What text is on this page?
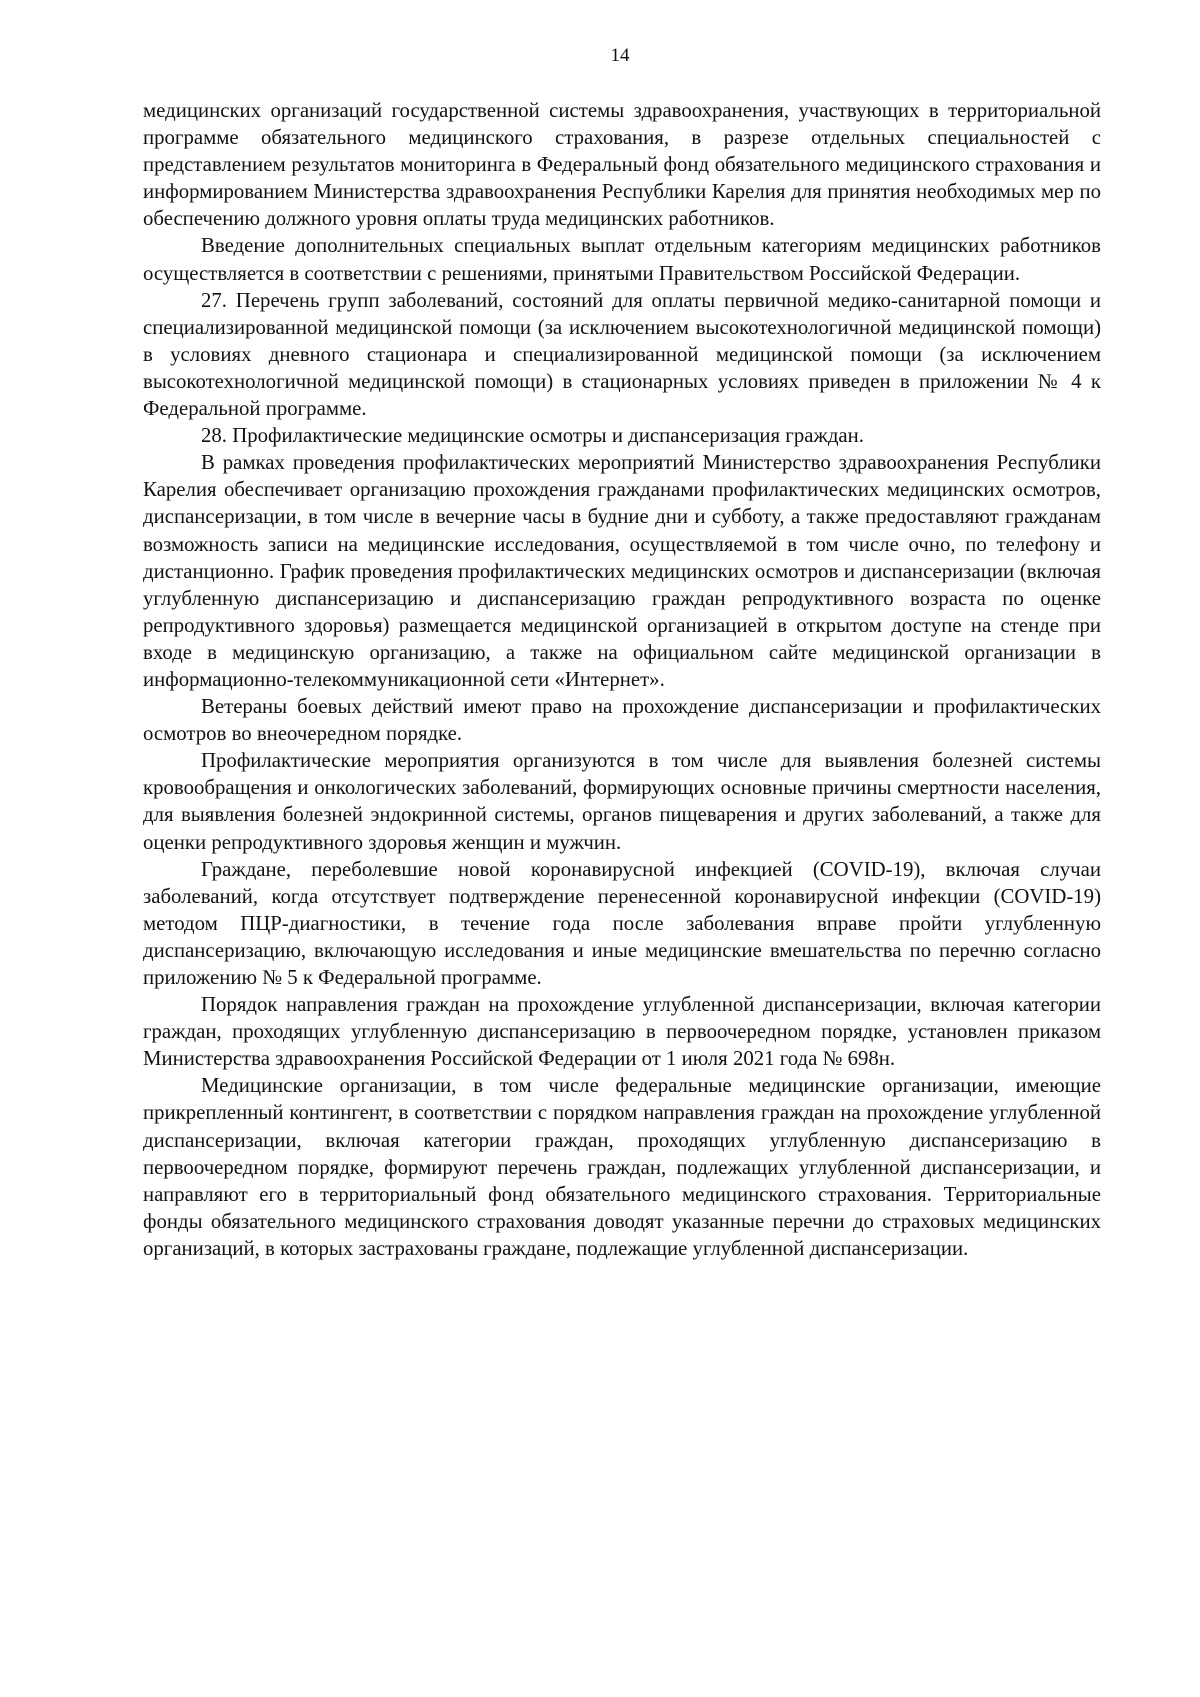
14

медицинских организаций государственной системы здравоохранения, участвующих в территориальной программе обязательного медицинского страхования, в разрезе отдельных специальностей с представлением результатов мониторинга в Федеральный фонд обязательного медицинского страхования и информированием Министерства здравоохранения Республики Карелия для принятия необходимых мер по обеспечению должного уровня оплаты труда медицинских работников.

Введение дополнительных специальных выплат отдельным категориям медицинских работников осуществляется в соответствии с решениями, принятыми Правительством Российской Федерации.

27. Перечень групп заболеваний, состояний для оплаты первичной медико-санитарной помощи и специализированной медицинской помощи (за исключением высокотехнологичной медицинской помощи) в условиях дневного стационара и специализированной медицинской помощи (за исключением высокотехнологичной медицинской помощи) в стационарных условиях приведен в приложении № 4 к Федеральной программе.

28. Профилактические медицинские осмотры и диспансеризация граждан.

В рамках проведения профилактических мероприятий Министерство здравоохранения Республики Карелия обеспечивает организацию прохождения гражданами профилактических медицинских осмотров, диспансеризации, в том числе в вечерние часы в будние дни и субботу, а также предоставляют гражданам возможность записи на медицинские исследования, осуществляемой в том числе очно, по телефону и дистанционно. График проведения профилактических медицинских осмотров и диспансеризации (включая углубленную диспансеризацию и диспансеризацию граждан репродуктивного возраста по оценке репродуктивного здоровья) размещается медицинской организацией в открытом доступе на стенде при входе в медицинскую организацию, а также на официальном сайте медицинской организации в информационно-телекоммуникационной сети «Интернет».

Ветераны боевых действий имеют право на прохождение диспансеризации и профилактических осмотров во внеочередном порядке.

Профилактические мероприятия организуются в том числе для выявления болезней системы кровообращения и онкологических заболеваний, формирующих основные причины смертности населения, для выявления болезней эндокринной системы, органов пищеварения и других заболеваний, а также для оценки репродуктивного здоровья женщин и мужчин.

Граждане, переболевшие новой коронавирусной инфекцией (COVID-19), включая случаи заболеваний, когда отсутствует подтверждение перенесенной коронавирусной инфекции (COVID-19) методом ПЦР-диагностики, в течение года после заболевания вправе пройти углубленную диспансеризацию, включающую исследования и иные медицинские вмешательства по перечню согласно приложению № 5 к Федеральной программе.

Порядок направления граждан на прохождение углубленной диспансеризации, включая категории граждан, проходящих углубленную диспансеризацию в первоочередном порядке, установлен приказом Министерства здравоохранения Российской Федерации от 1 июля 2021 года № 698н.

Медицинские организации, в том числе федеральные медицинские организации, имеющие прикрепленный контингент, в соответствии с порядком направления граждан на прохождение углубленной диспансеризации, включая категории граждан, проходящих углубленную диспансеризацию в первоочередном порядке, формируют перечень граждан, подлежащих углубленной диспансеризации, и направляют его в территориальный фонд обязательного медицинского страхования. Территориальные фонды обязательного медицинского страхования доводят указанные перечни до страховых медицинских организаций, в которых застрахованы граждане, подлежащие углубленной диспансеризации.
